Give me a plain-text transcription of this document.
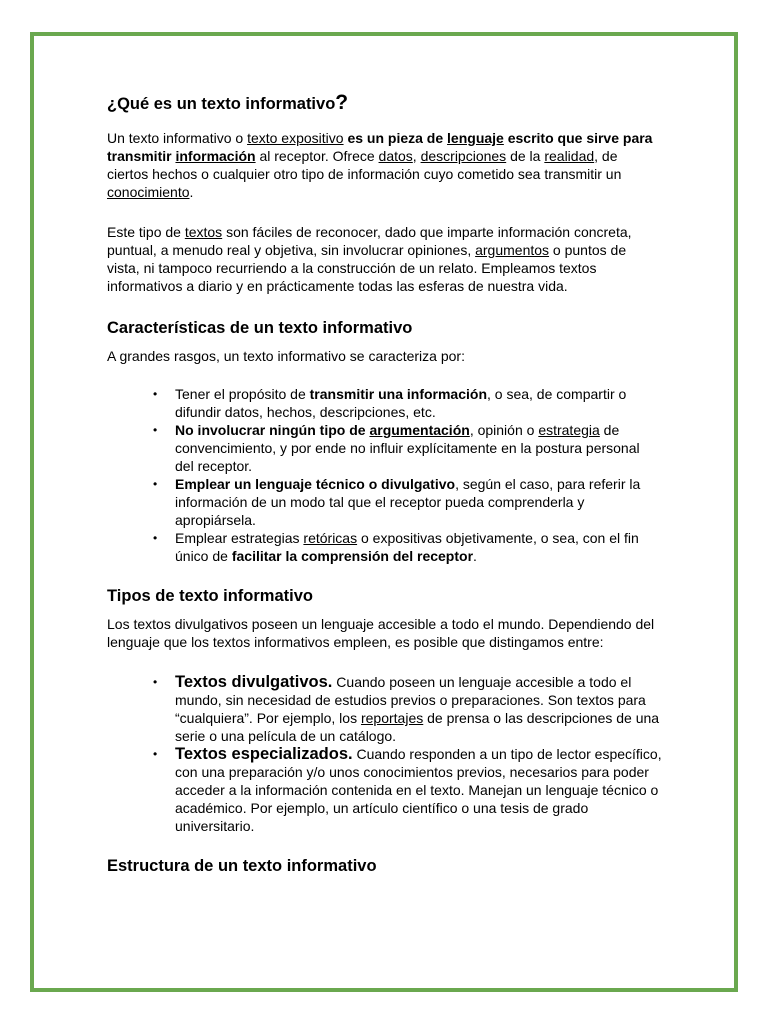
¿Qué es un texto informativo?

Un texto informativo o texto expositivo es un pieza de lenguaje escrito que sirve para transmitir información al receptor. Ofrece datos, descripciones de la realidad, de ciertos hechos o cualquier otro tipo de información cuyo cometido sea transmitir un conocimiento.

Este tipo de textos son fáciles de reconocer, dado que imparte información concreta, puntual, a menudo real y objetiva, sin involucrar opiniones, argumentos o puntos de vista, ni tampoco recurriendo a la construcción de un relato. Empleamos textos informativos a diario y en prácticamente todas las esferas de nuestra vida.

Características de un texto informativo

A grandes rasgos, un texto informativo se caracteriza por:

• Tener el propósito de transmitir una información, o sea, de compartir o difundir datos, hechos, descripciones, etc.
• No involucrar ningún tipo de argumentación, opinión o estrategia de convencimiento, y por ende no influir explícitamente en la postura personal del receptor.
• Emplear un lenguaje técnico o divulgativo, según el caso, para referir la información de un modo tal que el receptor pueda comprenderla y apropiársela.
• Emplear estrategias retóricas o expositivas objetivamente, o sea, con el fin único de facilitar la comprensión del receptor.
Tipos de texto informativo

Los textos divulgativos poseen un lenguaje accesible a todo el mundo. Dependiendo del lenguaje que los textos informativos empleen, es posible que distingamos entre:

• Textos divulgativos. Cuando poseen un lenguaje accesible a todo el mundo, sin necesidad de estudios previos o preparaciones. Son textos para “cualquiera”. Por ejemplo, los reportajes de prensa o las descripciones de una serie o una película de un catálogo.
• Textos especializados. Cuando responden a un tipo de lector específico, con una preparación y/o unos conocimientos previos, necesarios para poder acceder a la información contenida en el texto. Manejan un lenguaje técnico o académico. Por ejemplo, un artículo científico o una tesis de grado universitario.
Estructura de un texto informativo
